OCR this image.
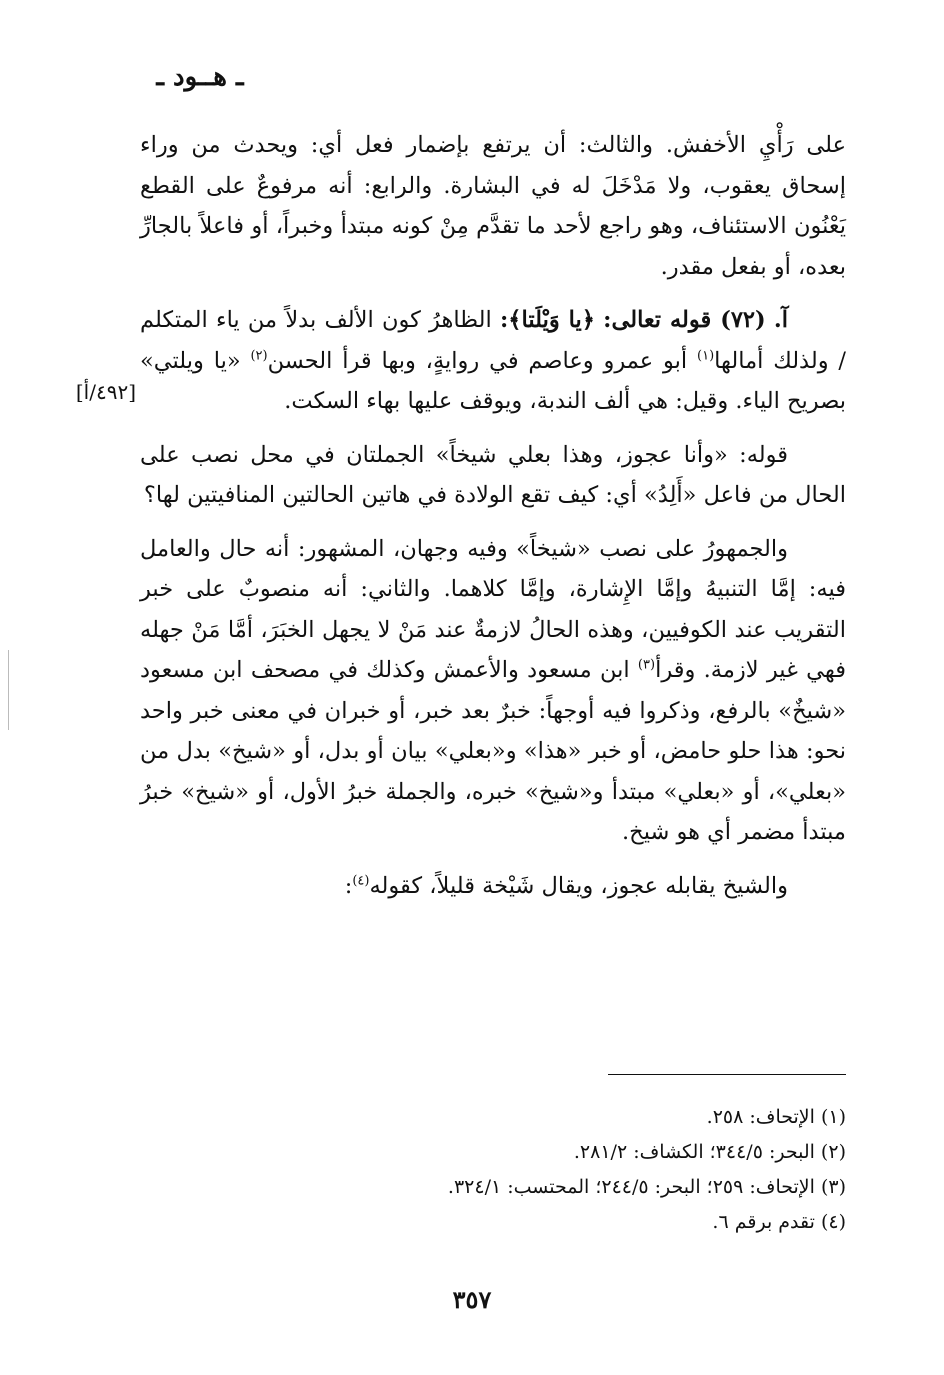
ـ هــود ـ

على رَأْيِ الأخفش. والثالث: أن يرتفع بإضمار فعل أي: ويحدث من وراء إسحاق يعقوب، ولا مَدْخَلَ له في البشارة. والرابع: أنه مرفوعٌ على القطع يَعْنُون الاستئناف، وهو راجع لأحد ما تقدَّم مِنْ كونه مبتدأ وخبراً، أو فاعلاً بالجارِّ بعده، أو بفعل مقدر.

آ. (٧٢) قوله تعالى: ﴿يا وَيْلَتا﴾: الظاهرُ كون الألف بدلاً من ياء المتكلم / ولذلك أمالها$^{(١)}$ أبو عمرو وعاصم في روايةٍ، وبها قرأ الحسن$^{(٢)}$ «يا ويلتي» بصريح الياء. وقيل: هي ألف الندبة، ويوقف عليها بهاء السكت.

قوله: «وأنا عجوز، وهذا بعلي شيخاً» الجملتان في محل نصب على الحال من فاعل «أَلِدُ» أي: كيف تقع الولادة في هاتين الحالتين المنافيتين لها؟

والجمهورُ على نصب «شيخاً» وفيه وجهان، المشهور: أنه حال والعامل فيه: إمَّا التنبيهُ وإمَّا الإِشارة، وإمَّا كلاهما. والثاني: أنه منصوبٌ على خبر التقريب عند الكوفيين، وهذه الحالُ لازمةٌ عند مَنْ لا يجهل الخبَرَ، أمَّا مَنْ جهله فهي غير لازمة. وقرأ$^{(٣)}$ ابن مسعود والأعمش وكذلك في مصحف ابن مسعود «شيخٌ» بالرفع، وذكروا فيه أوجهاً: خبرٌ بعد خبر، أو خبران في معنى خبر واحد نحو: هذا حلو حامض، أو خبر «هذا» و«بعلي» بيان أو بدل، أو «شيخ» بدل من «بعلي»، أو «بعلي» مبتدأ و«شيخ» خبره، والجملة خبرُ الأول، أو «شيخ» خبرُ مبتدأ مضمر أي هو شيخ.

والشيخ يقابله عجوز، ويقال شَيْخة قليلاً، كقوله$^{(٤)}$:

[٤٩٢/أ]
(١) الإتحاف: ٢٥٨.
(٢) البحر: ٣٤٤/٥؛ الكشاف: ٢٨١/٢.
(٣) الإتحاف: ٢٥٩؛ البحر: ٢٤٤/٥؛ المحتسب: ٣٢٤/١.
(٤) تقدم برقم ٦.
٣٥٧
